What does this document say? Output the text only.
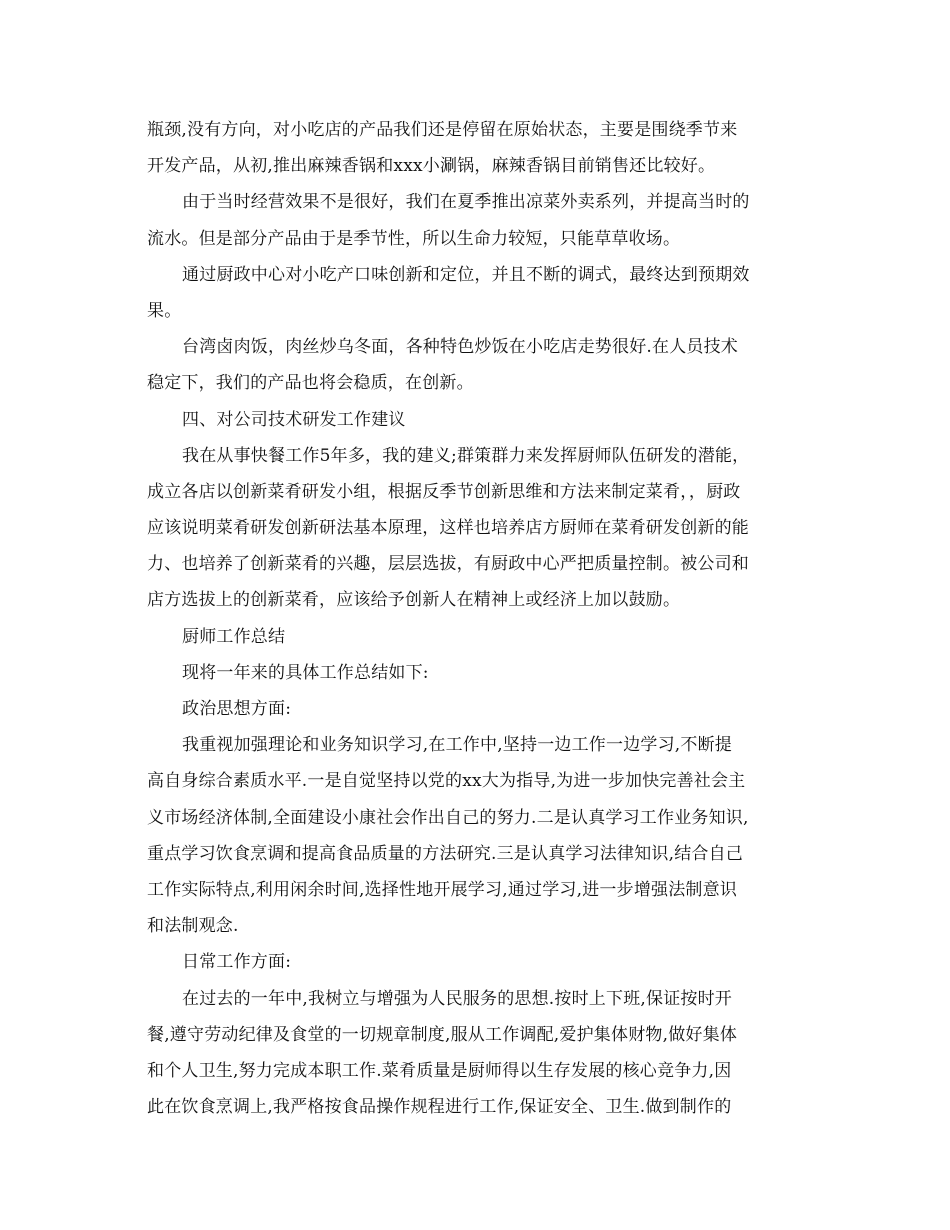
瓶颈,没有方向，对小吃店的产品我们还是停留在原始状态，主要是围绕季节来
开发产品，从初,推出麻辣香锅和xxx小涮锅，麻辣香锅目前销售还比较好。
由于当时经营效果不是很好，我们在夏季推出凉菜外卖系列，并提高当时的
流水。但是部分产品由于是季节性，所以生命力较短，只能草草收场。
通过厨政中心对小吃产口味创新和定位，并且不断的调式，最终达到预期效
果。
台湾卤肉饭，肉丝炒乌冬面，各种特色炒饭在小吃店走势很好.在人员技术
稳定下，我们的产品也将会稳质，在创新。
四、对公司技术研发工作建议
我在从事快餐工作5年多，我的建义;群策群力来发挥厨师队伍研发的潜能，
成立各店以创新菜肴研发小组，根据反季节创新思维和方法来制定菜肴，，厨政
应该说明菜肴研发创新研法基本原理，这样也培养店方厨师在菜肴研发创新的能
力、也培养了创新菜肴的兴趣，层层选拔，有厨政中心严把质量控制。被公司和
店方选拔上的创新菜肴，应该给予创新人在精神上或经济上加以鼓励。
厨师工作总结
现将一年来的具体工作总结如下:
政治思想方面:
我重视加强理论和业务知识学习,在工作中,坚持一边工作一边学习,不断提
高自身综合素质水平.一是自觉坚持以党的xx大为指导,为进一步加快完善社会主
义市场经济体制,全面建设小康社会作出自己的努力.二是认真学习工作业务知识,
重点学习饮食烹调和提高食品质量的方法研究.三是认真学习法律知识,结合自己
工作实际特点,利用闲余时间,选择性地开展学习,通过学习,进一步增强法制意识
和法制观念.
日常工作方面:
在过去的一年中,我树立与增强为人民服务的思想.按时上下班,保证按时开
餐,遵守劳动纪律及食堂的一切规章制度,服从工作调配,爱护集体财物,做好集体
和个人卫生,努力完成本职工作.菜肴质量是厨师得以生存发展的核心竞争力,因
此在饮食烹调上,我严格按食品操作规程进行工作,保证安全、卫生.做到制作的
